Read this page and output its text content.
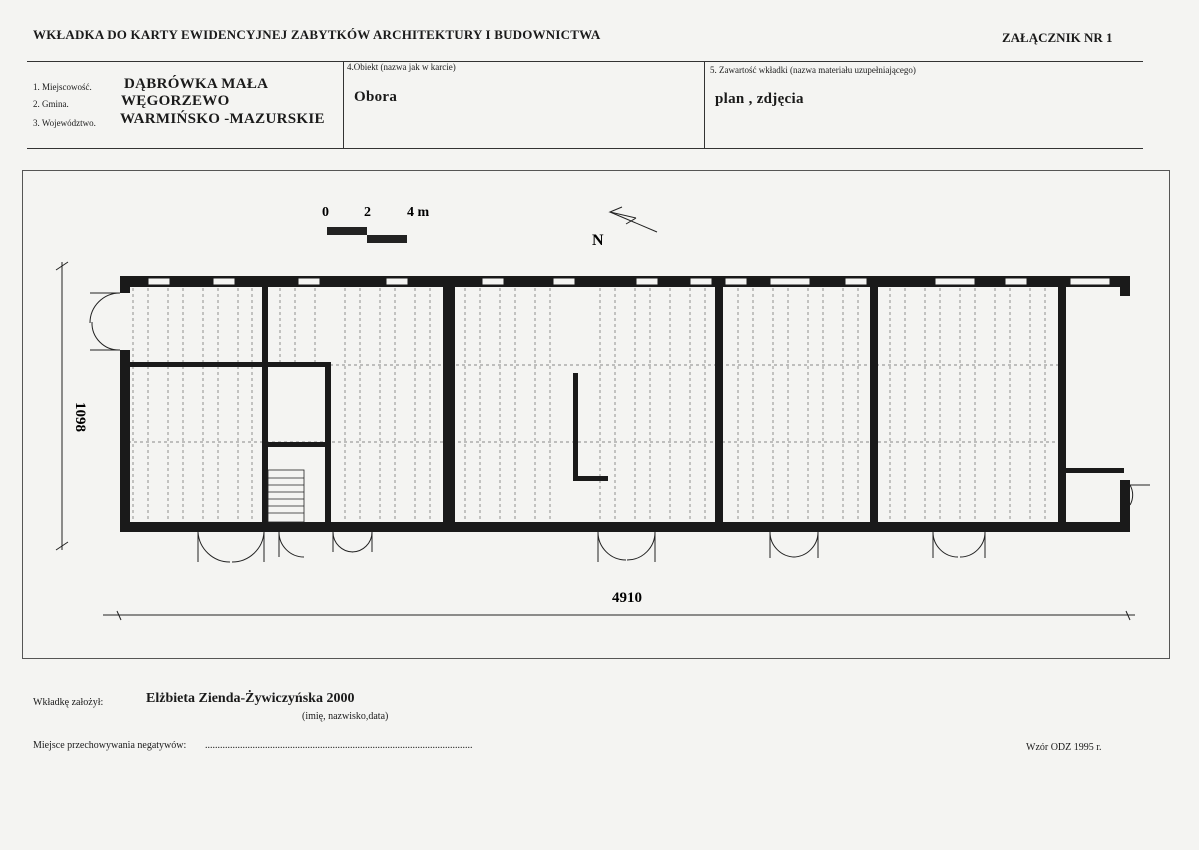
WKŁADKA DO KARTY EWIDENCYJNEJ ZABYTKÓW ARCHITEKTURY I BUDOWNICTWA	ZAŁĄCZNIK NR 1
1. Miejscowość. DĄBRÓWKA MAŁA
2. Gmina.	WĘGORZEWO
3. Województwo. WARMIŃSKO -MAZURSKIE
4.Obiekt (nazwa jak w karcie)
Obora
5. Zawartość wkładki (nazwa materiału uzupełniającego)
plan , zdjęcia
0	2	4 m
N
1098
4910
Wkładkę założył:	Elżbieta Zienda-Żywiczyńska 2000
(imię, nazwisko,data)
Miejsce przechowywania negatywów: ...........................................................................................................	Wzór ODZ 1995 r.
